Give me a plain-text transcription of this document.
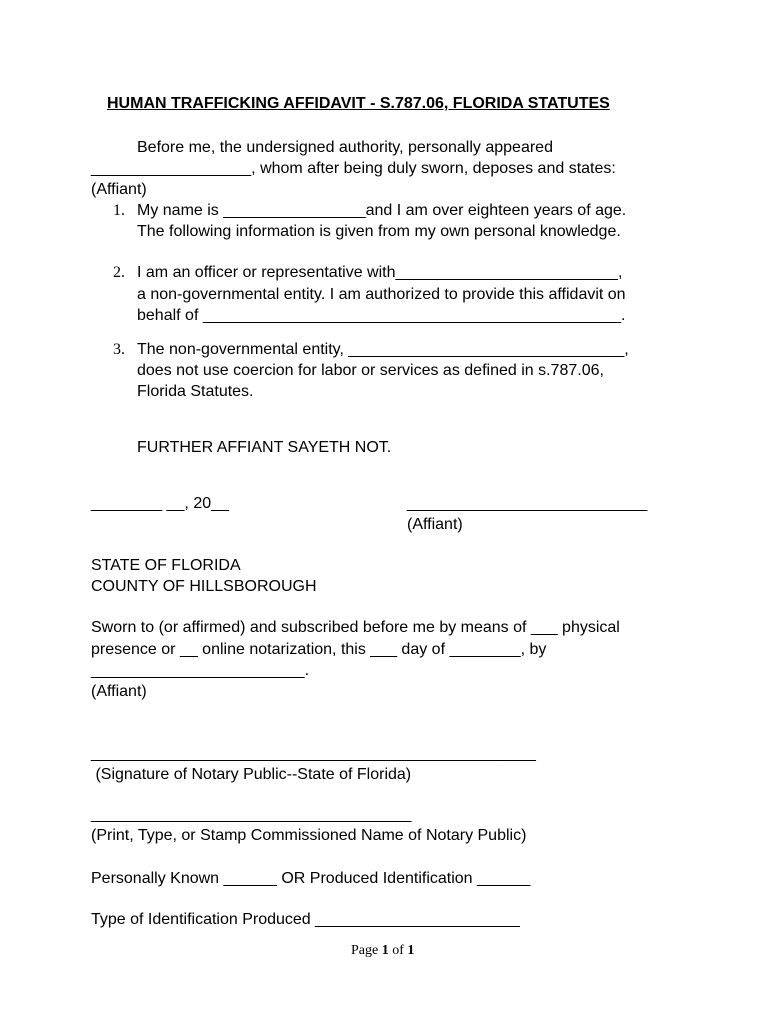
HUMAN TRAFFICKING AFFIDAVIT - S.787.06, FLORIDA STATUTES
Before me, the undersigned authority, personally appeared
__________________, whom after being duly sworn, deposes and states:
(Affiant)
1. My name is ________________and I am over eighteen years of age.
The following information is given from my own personal knowledge.
2. I am an officer or representative with_________________________,
a non-governmental entity. I am authorized to provide this affidavit on
behalf of _______________________________________________.
3. The non-governmental entity, _______________________________,
does not use coercion for labor or services as defined in s.787.06,
Florida Statutes.
FURTHER AFFIANT SAYETH NOT.
________ __, 20__	___________________________
(Affiant)
STATE OF FLORIDA
COUNTY OF HILLSBOROUGH
Sworn to (or affirmed) and subscribed before me by means of ___ physical
presence or __ online notarization, this ___ day of ________, by
________________________.
(Affiant)
__________________________________________________
(Signature of Notary Public--State of Florida)
____________________________________
(Print, Type, or Stamp Commissioned Name of Notary Public)
Personally Known ______ OR Produced Identification ______
Type of Identification Produced _______________________
Page 1 of 1
